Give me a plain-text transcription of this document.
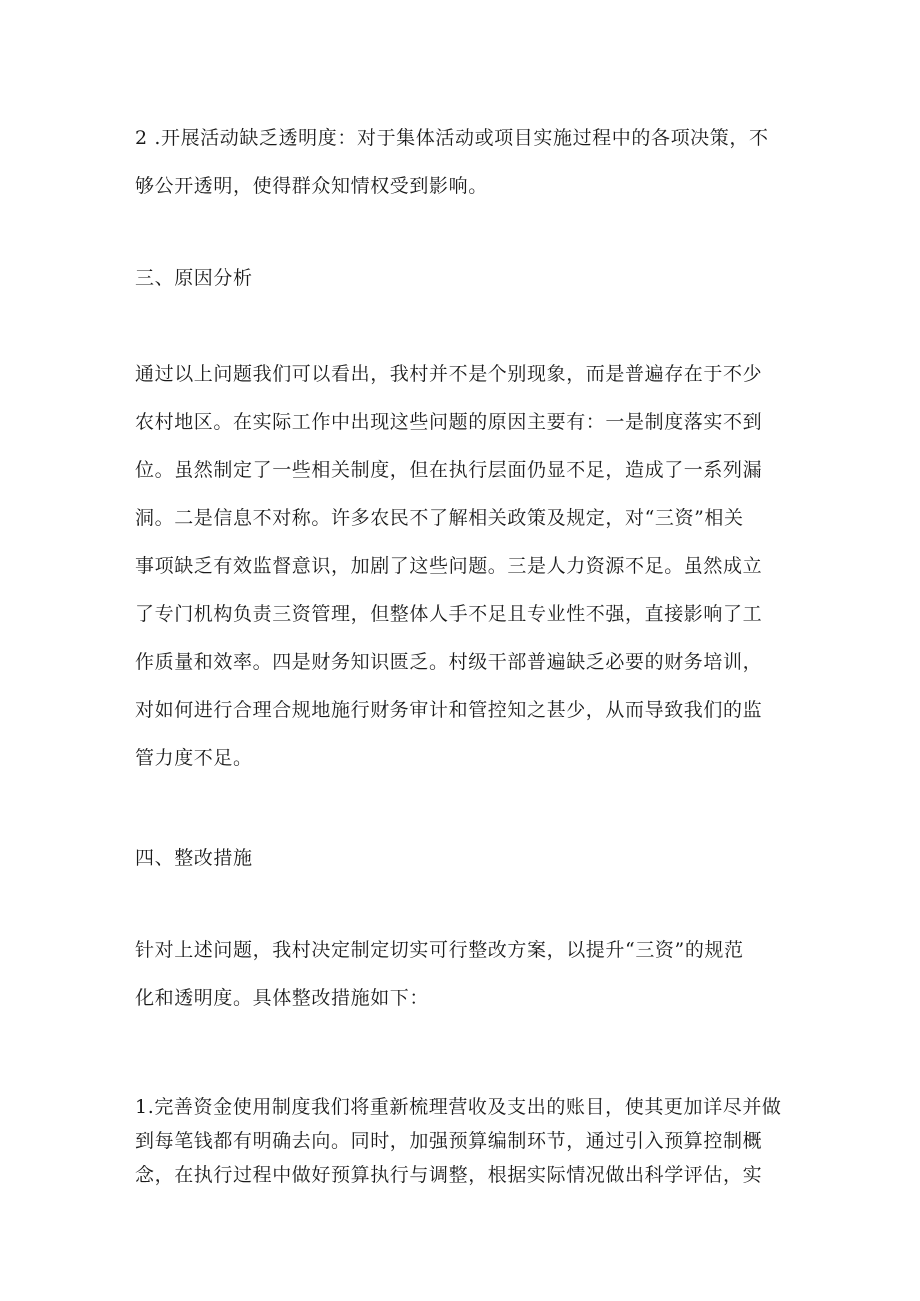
2 .开展活动缺乏透明度：对于集体活动或项目实施过程中的各项决策，不
够公开透明，使得群众知情权受到影响。
三、原因分析
通过以上问题我们可以看出，我村并不是个别现象，而是普遍存在于不少
农村地区。在实际工作中出现这些问题的原因主要有：一是制度落实不到
位。虽然制定了一些相关制度，但在执行层面仍显不足，造成了一系列漏
洞。二是信息不对称。许多农民不了解相关政策及规定，对“三资”相关
事项缺乏有效监督意识，加剧了这些问题。三是人力资源不足。虽然成立
了专门机构负责三资管理，但整体人手不足且专业性不强，直接影响了工
作质量和效率。四是财务知识匮乏。村级干部普遍缺乏必要的财务培训，
对如何进行合理合规地施行财务审计和管控知之甚少，从而导致我们的监
管力度不足。
四、整改措施
针对上述问题，我村决定制定切实可行整改方案，以提升“三资”的规范
化和透明度。具体整改措施如下：
1.完善资金使用制度我们将重新梳理营收及支出的账目，使其更加详尽并做
到每笔钱都有明确去向。同时，加强预算编制环节，通过引入预算控制概
念，在执行过程中做好预算执行与调整，根据实际情况做出科学评估，实
